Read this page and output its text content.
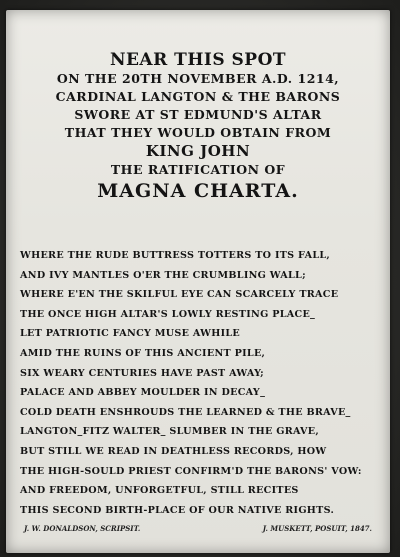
NEAR THIS SPOT
ON THE 20TH NOVEMBER A.D. 1214,
CARDINAL LANGTON & THE BARONS
SWORE AT ST EDMUND'S ALTAR
THAT THEY WOULD OBTAIN FROM
KING JOHN
THE RATIFICATION OF
MAGNA CHARTA.
WHERE THE RUDE BUTTRESS TOTTERS TO ITS FALL,
AND IVY MANTLES O'ER THE CRUMBLING WALL;
WHERE E'EN THE SKILFUL EYE CAN SCARCELY TRACE
THE ONCE HIGH ALTAR'S LOWLY RESTING PLACE_
LET PATRIOTIC FANCY MUSE AWHILE
AMID THE RUINS OF THIS ANCIENT PILE,
SIX WEARY CENTURIES HAVE PAST AWAY;
PALACE AND ABBEY MOULDER IN DECAY_
COLD DEATH ENSHROUDS THE LEARNED & THE BRAVE_
LANGTON_FITZ WALTER_ SLUMBER IN THE GRAVE,
BUT STILL WE READ IN DEATHLESS RECORDS, HOW
THE HIGH-SOULD PRIEST CONFIRM'D THE BARONS' VOW:
AND FREEDOM, UNFORGETFUL, STILL RECITES
THIS SECOND BIRTH-PLACE OF OUR NATIVE RIGHTS.
J. W. DONALDSON, SCRIPSIT.	J. MUSKETT, POSUIT, 1847.
